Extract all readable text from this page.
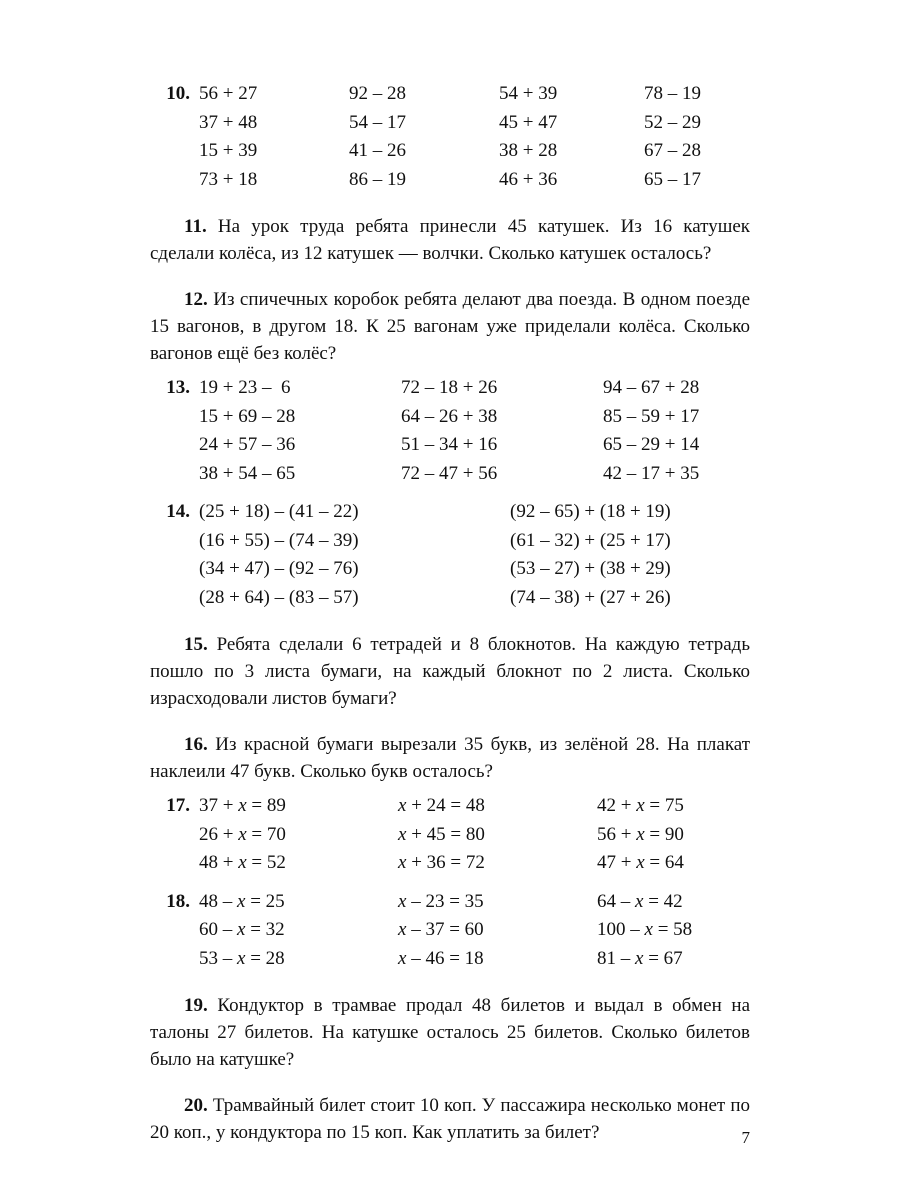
10. 56 + 27
37 + 48
15 + 39
73 + 18
92 – 28
54 – 17
41 – 26
86 – 19
54 + 39
45 + 47
38 + 28
46 + 36
78 – 19
52 – 29
67 – 28
65 – 17

11. На урок труда ребята принесли 45 катушек. Из 16 катушек сделали колёса, из 12 катушек — волчки. Сколько катушек осталось?

12. Из спичечных коробок ребята делают два поезда. В одном поезде 15 вагонов, в другом 18. К 25 вагонам уже приделали колёса. Сколько вагонов ещё без колёс?

13. 19 + 23 –  6
15 + 69 – 28
24 + 57 – 36
38 + 54 – 65
72 – 18 + 26
64 – 26 + 38
51 – 34 + 16
72 – 47 + 56
94 – 67 + 28
85 – 59 + 17
65 – 29 + 14
42 – 17 + 35
14. (25 + 18) – (41 – 22)
(16 + 55) – (74 – 39)
(34 + 47) – (92 – 76)
(28 + 64) – (83 – 57)
(92 – 65) + (18 + 19)
(61 – 32) + (25 + 17)
(53 – 27) + (38 + 29)
(74 – 38) + (27 + 26)

15. Ребята сделали 6 тетрадей и 8 блокнотов. На каждую тетрадь пошло по 3 листа бумаги, на каждый блокнот по 2 листа. Сколько израсходовали листов бумаги?

16. Из красной бумаги вырезали 35 букв, из зелёной 28. На плакат наклеили 47 букв. Сколько букв осталось?

17. 37 + х = 89
26 + х = 70
48 + х = 52
х + 24 = 48
х + 45 = 80
х + 36 = 72
42 + х = 75
56 + х = 90
47 + х = 64
18. 48 – х = 25
60 – х = 32
53 – х = 28
х – 23 = 35
х – 37 = 60
х – 46 = 18
64 – х = 42
100 – х = 58
81 – х = 67

19. Кондуктор в трамвае продал 48 билетов и выдал в обмен на талоны 27 билетов. На катушке осталось 25 билетов. Сколько билетов было на катушке?

20. Трамвайный билет стоит 10 коп. У пассажира несколько монет по 20 коп., у кондуктора по 15 коп. Как уплатить за билет?	7
